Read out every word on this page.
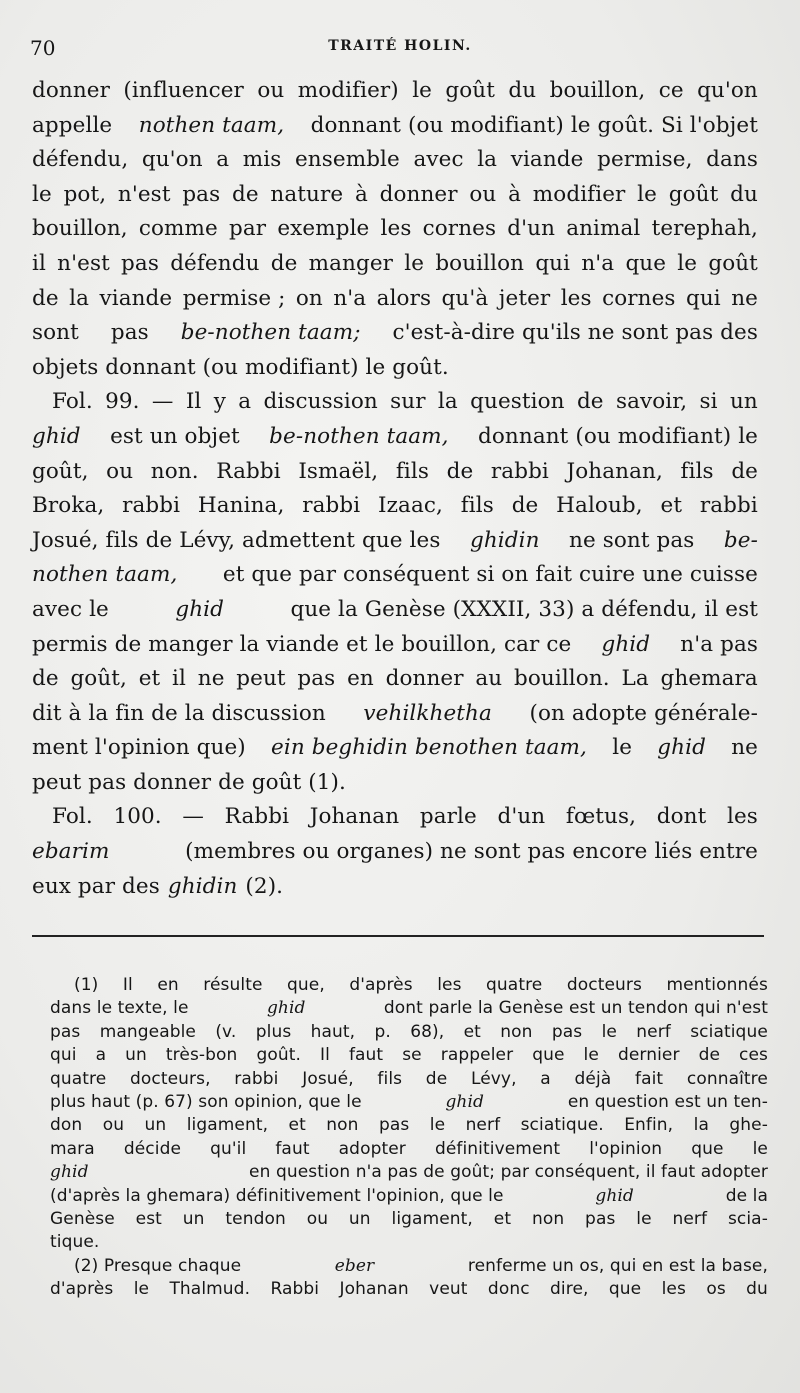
70	TRAITÉ HOLIN.
donner (influencer ou modifier) le goût du bouillon, ce qu'on
appelle nothen taam, donnant (ou modifiant) le goût. Si l'objet
défendu, qu'on a mis ensemble avec la viande permise, dans
le pot, n'est pas de nature à donner ou à modifier le goût du
bouillon, comme par exemple les cornes d'un animal terephah,
il n'est pas défendu de manger le bouillon qui n'a que le goût
de la viande permise ; on n'a alors qu'à jeter les cornes qui ne
sont pas be-nothen taam; c'est-à-dire qu'ils ne sont pas des
objets donnant (ou modifiant) le goût.
Fol. 99. — Il y a discussion sur la question de savoir, si un
ghid est un objet be-nothen taam, donnant (ou modifiant) le
goût, ou non. Rabbi Ismaël, fils de rabbi Johanan, fils de
Broka, rabbi Hanina, rabbi Izaac, fils de Haloub, et rabbi
Josué, fils de Lévy, admettent que les ghidin ne sont pas be-
nothen taam, et que par conséquent si on fait cuire une cuisse
avec le	ghid	que la Genèse (XXXII, 33) a défendu, il est
permis de manger la viande et le bouillon, car ce ghid n'a pas
de goût, et il ne peut pas en donner au bouillon. La ghemara
dit à la fin de la discussion vehilkhetha (on adopte générale-
ment l'opinion que) ein beghidin benothen taam, le ghid ne
peut pas donner de goût (1).
Fol. 100. — Rabbi Johanan parle d'un fœtus, dont les
ebarim	(membres ou organes) ne sont pas encore liés entre
eux par des ghidin (2).
(1) Il en résulte que, d'après les quatre docteurs mentionnés
dans le texte, le	ghid	dont parle la Genèse est un tendon qui n'est
pas mangeable (v. plus haut, p. 68), et non pas le nerf sciatique
qui a un très-bon goût. Il faut se rappeler que le dernier de ces
quatre docteurs, rabbi Josué, fils de Lévy, a déjà fait connaître
plus haut (p. 67) son opinion, que le	ghid	en question est un ten-
don ou un ligament, et non pas le nerf sciatique. Enfin, la ghe-
mara décide qu'il faut adopter définitivement l'opinion que le
ghid	en question n'a pas de goût; par conséquent, il faut adopter
(d'après la ghemara) définitivement l'opinion, que le	ghid	de la
Genèse est un tendon ou un ligament, et non pas le nerf scia-
tique.
(2) Presque chaque	eber	renferme un os, qui en est la base,
d'après le Thalmud. Rabbi Johanan veut donc dire, que les os du
